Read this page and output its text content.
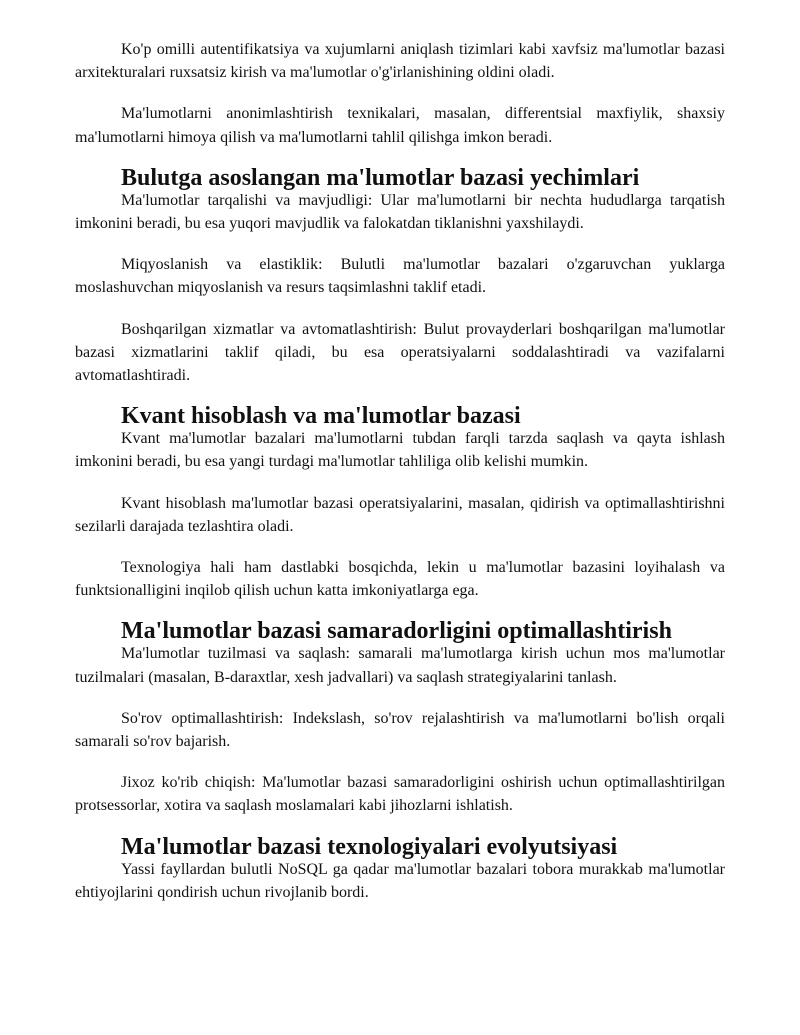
Ko'p omilli autentifikatsiya va xujumlarni aniqlash tizimlari kabi xavfsiz ma'lumotlar bazasi arxitekturalari ruxsatsiz kirish va ma'lumotlar o'g'irlanishining oldini oladi.

Ma'lumotlarni anonimlashtirish texnikalari, masalan, differentsial maxfiylik, shaxsiy ma'lumotlarni himoya qilish va ma'lumotlarni tahlil qilishga imkon beradi.

Bulutga asoslangan ma'lumotlar bazasi yechimlari

Ma'lumotlar tarqalishi va mavjudligi: Ular ma'lumotlarni bir nechta hududlarga tarqatish imkonini beradi, bu esa yuqori mavjudlik va falokatdan tiklanishni yaxshilaydi.

Miqyoslanish va elastiklik: Bulutli ma'lumotlar bazalari o'zgaruvchan yuklarga moslashuvchan miqyoslanish va resurs taqsimlashni taklif etadi.

Boshqarilgan xizmatlar va avtomatlashtirish: Bulut provayderlari boshqarilgan ma'lumotlar bazasi xizmatlarini taklif qiladi, bu esa operatsiyalarni soddalashtiradi va vazifalarni avtomatlashtiradi.

Kvant hisoblash va ma'lumotlar bazasi

Kvant ma'lumotlar bazalari ma'lumotlarni tubdan farqli tarzda saqlash va qayta ishlash imkonini beradi, bu esa yangi turdagi ma'lumotlar tahliliga olib kelishi mumkin.

Kvant hisoblash ma'lumotlar bazasi operatsiyalarini, masalan, qidirish va optimallashtirishni sezilarli darajada tezlashtira oladi.

Texnologiya hali ham dastlabki bosqichda, lekin u ma'lumotlar bazasini loyihalash va funktsionalligini inqilob qilish uchun katta imkoniyatlarga ega.

Ma'lumotlar bazasi samaradorligini optimallashtirish

Ma'lumotlar tuzilmasi va saqlash: samarali ma'lumotlarga kirish uchun mos ma'lumotlar tuzilmalari (masalan, B-daraxtlar, xesh jadvallari) va saqlash strategiyalarini tanlash.

So'rov optimallashtirish: Indekslash, so'rov rejalashtirish va ma'lumotlarni bo'lish orqali samarali so'rov bajarish.

Jixoz ko'rib chiqish: Ma'lumotlar bazasi samaradorligini oshirish uchun optimallashtirilgan protsessorlar, xotira va saqlash moslamalari kabi jihozlarni ishlatish.

Ma'lumotlar bazasi texnologiyalari evolyutsiyasi

Yassi fayllardan bulutli NoSQL ga qadar ma'lumotlar bazalari tobora murakkab ma'lumotlar ehtiyojlarini qondirish uchun rivojlanib bordi.
